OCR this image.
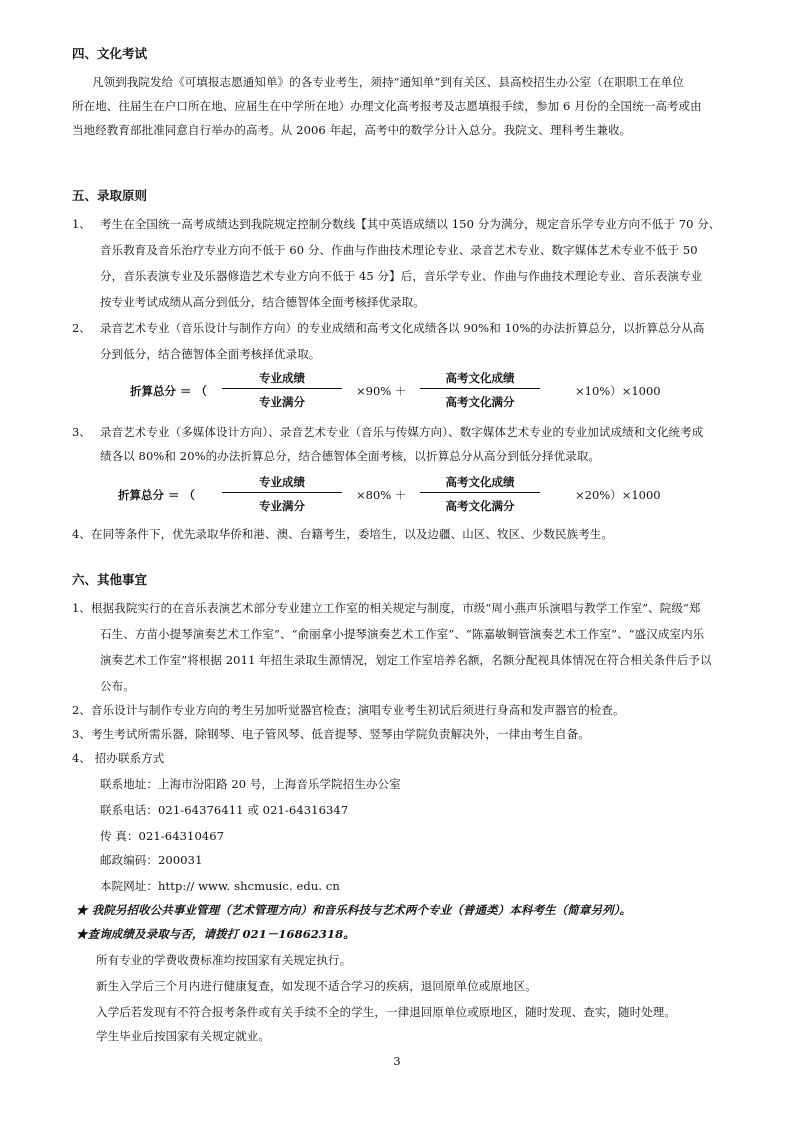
四、文化考试
凡领到我院发给《可填报志愿通知单》的各专业考生，须持“通知单”到有关区、县高校招生办公室（在职职工在单位
所在地、往届生在户口所在地、应届生在中学所在地）办理文化高考报考及志愿填报手续，参加 6 月份的全国统一高考或由
当地经教育部批准同意自行举办的高考。从 2006 年起，高考中的数学分计入总分。我院文、理科考生兼收。
五、录取原则
1、 考生在全国统一高考成绩达到我院规定控制分数线【其中英语成绩以 150 分为满分，规定音乐学专业方向不低于 70 分、
音乐教育及音乐治疗专业方向不低于 60 分、作曲与作曲技术理论专业、录音艺术专业、数字媒体艺术专业不低于 50
分，音乐表演专业及乐器修造艺术专业方向不低于 45 分】后，音乐学专业、作曲与作曲技术理论专业、音乐表演专业
按专业考试成绩从高分到低分，结合德智体全面考核择优录取。
2、 录音艺术专业（音乐设计与制作方向）的专业成绩和高考文化成绩各以 90%和 10%的办法折算总分，以折算总分从高
分到低分，结合德智体全面考核择优录取。
折算总分 ＝ （
专业成绩
专业满分
×90% ＋
高考文化成绩
高考文化满分
×10%）×1000
3、 录音艺术专业（多媒体设计方向）、录音艺术专业（音乐与传媒方向）、数字媒体艺术专业的专业加试成绩和文化统考成
绩各以 80%和 20%的办法折算总分，结合德智体全面考核，以折算总分从高分到低分择优录取。
折算总分 ＝ （
专业成绩
专业满分
×80% ＋
高考文化成绩
高考文化满分
×20%）×1000
4、在同等条件下，优先录取华侨和港、澳、台籍考生，委培生，以及边疆、山区、牧区、少数民族考生。
六、其他事宜
1、根据我院实行的在音乐表演艺术部分专业建立工作室的相关规定与制度，市级“周小燕声乐演唱与教学工作室”、院级“郑
石生、方苗小提琴演奏艺术工作室”、“俞丽拿小提琴演奏艺术工作室”、“陈嘉敏铜管演奏艺术工作室”、“盛汉成室内乐
演奏艺术工作室”将根据 2011 年招生录取生源情况，划定工作室培养名额，名额分配视具体情况在符合相关条件后予以
公布。
2、音乐设计与制作专业方向的考生另加听觉器官检查；演唱专业考生初试后须进行身高和发声器官的检查。
3、考生考试所需乐器，除钢琴、电子管风琴、低音提琴、竖琴由学院负责解决外，一律由考生自备。
4、 招办联系方式
联系地址：上海市汾阳路 20 号，上海音乐学院招生办公室
联系电话：021-64376411 或 021-64316347
传 真：021-64310467
邮政编码：200031
本院网址：http:// www. shcmusic. edu. cn
★ 我院另招收公共事业管理（艺术管理方向）和音乐科技与艺术两个专业（普通类）本科考生（简章另列）。
★查询成绩及录取与否，请拨打 021－16862318。
所有专业的学费收费标准均按国家有关规定执行。
新生入学后三个月内进行健康复查，如发现不适合学习的疾病，退回原单位或原地区。
入学后若发现有不符合报考条件或有关手续不全的学生，一律退回原单位或原地区，随时发现、查实，随时处理。
学生毕业后按国家有关规定就业。
3
